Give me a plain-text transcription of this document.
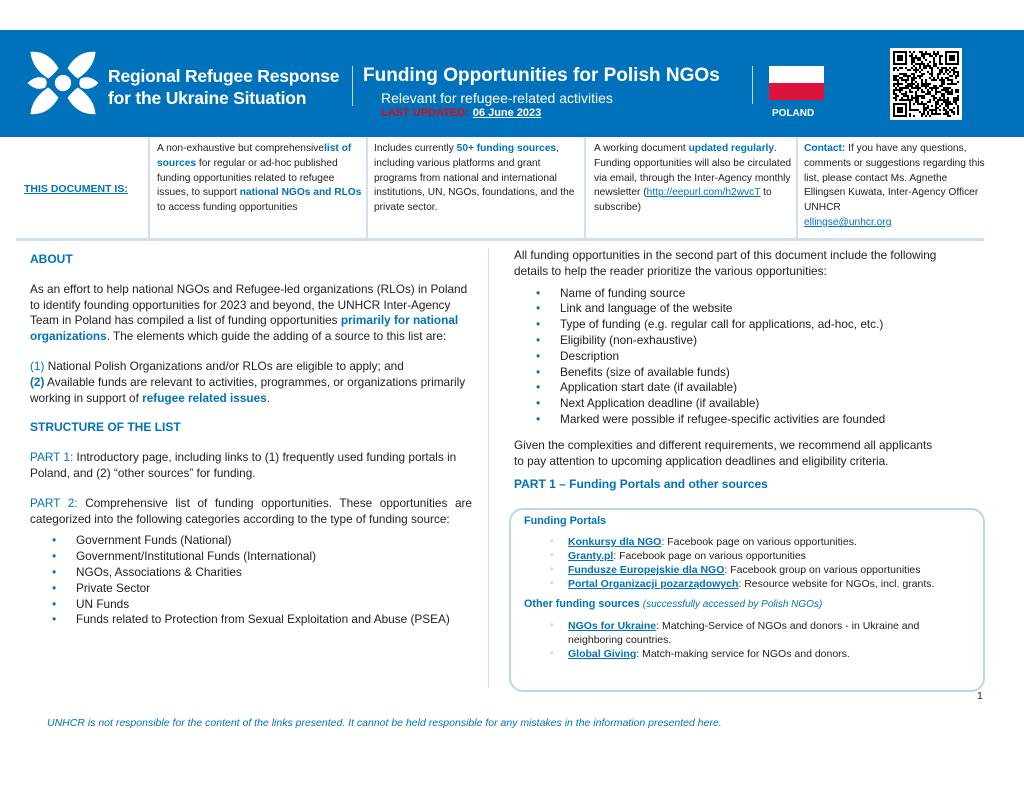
Regional Refugee Response
for the Ukraine Situation
Funding Opportunities for Polish NGOs
Relevant for refugee-related activities
LAST UPDATED: 06 June 2023	POLAND
THIS DOCUMENT IS:
A non-exhaustive but comprehensivelist of sources for regular or ad-hoc published funding opportunities related to refugee issues, to support national NGOs and RLOs to access funding opportunities
Includes currently 50+ funding sources, including various platforms and grant programs from national and international institutions, UN, NGOs, foundations, and the private sector.
A working document updated regularly. Funding opportunities will also be circulated via email, through the Inter-Agency monthly newsletter (http://eepurl.com/h2wvcT to subscribe)
Contact: If you have any questions, comments or suggestions regarding this list, please contact Ms. Agnethe Ellingsen Kuwata, Inter-Agency Officer UNHCR
ellingse@unhcr.org
ABOUT

As an effort to help national NGOs and Refugee-led organizations (RLOs) in Poland to identify founding opportunities for 2023 and beyond, the UNHCR Inter-Agency Team in Poland has compiled a list of funding opportunities primarily for national organizations. The elements which guide the adding of a source to this list are:

(1) National Polish Organizations and/or RLOs are eligible to apply; and

(2) Available funds are relevant to activities, programmes, or organizations primarily working in support of refugee related issues.

STRUCTURE OF THE LIST

PART 1: Introductory page, including links to (1) frequently used funding portals in Poland, and (2) “other sources” for funding.

PART 2: Comprehensive list of funding opportunities. These opportunities are categorized into the following categories according to the type of funding source:

• Government Funds (National)
• Government/Institutional Funds (International)
• NGOs, Associations & Charities
• Private Sector
• UN Funds
• Funds related to Protection from Sexual Exploitation and Abuse (PSEA)

All funding opportunities in the second part of this document include the following details to help the reader prioritize the various opportunities:

• Name of funding source
• Link and language of the website
• Type of funding (e.g. regular call for applications, ad-hoc, etc.)
• Eligibility (non-exhaustive)
• Description
• Benefits (size of available funds)
• Application start date (if available)
• Next Application deadline (if available)
• Marked were possible if refugee-specific activities are founded

Given the complexities and different requirements, we recommend all applicants to pay attention to upcoming application deadlines and eligibility criteria.

PART 1 – Funding Portals and other sources
Funding Portals
• Konkursy dla NGO: Facebook page on various opportunities.
• Granty.pl: Facebook page on various opportunities
• Fundusze Europejskie dla NGO: Facebook group on various opportunities
• Portal Organizacji pozarządowych: Resource website for NGOs, incl. grants.
Other funding sources (successfully accessed by Polish NGOs)
• NGOs for Ukraine: Matching-Service of NGOs and donors - in Ukraine and neighboring countries.
• Global Giving: Match-making service for NGOs and donors.
1
UNHCR is not responsible for the content of the links presented. It cannot be held responsible for any mistakes in the information presented here.
